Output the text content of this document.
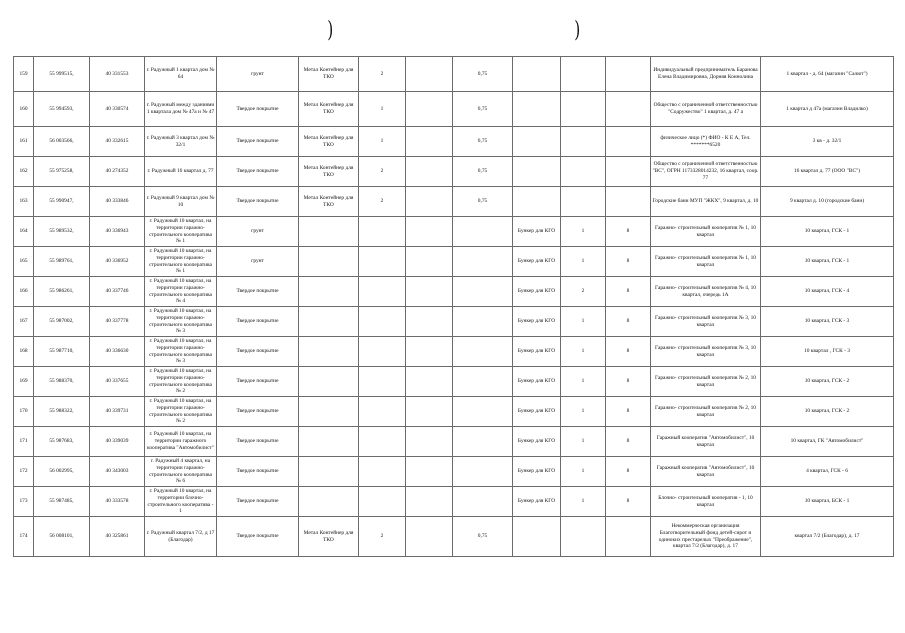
)	)
159	55 999515,	40 331553	г. Радужный 1 квартал дом № 64	грунт	Метал Контейнер для ТКО	2		0,75				Индивидуальный предприниматель Баранова Елена Владимировна, Дорняя Коннолина	1 квартал - д. 64 (магазин "Салют")
160	55 994593,	40 330574	г. Радужный между зданиями 1 квартала дом № 47а и № 47	Твердое покрытие	Метал Контейнер для ТКО	1		0,75				Общество с ограниченной ответственностью "Содружество" 1 квартал, д. 47 а	1 квартал д 47а (магазин Владилко)
161	56 003566,	40 332615	г. Радужный 3 квартал дом № 32/1	Твердое покрытие	Метал Контейнер для ТКО	1		0,75				физическое лицо (*) ФИО - К Е А, Тел. *******6520	3 кв - д. 32/1
162	55 975258,	40 274352	г. Радужный 16 квартал д. 77	Твердое покрытие	Метал Контейнер для ТКО	2		0,75				Общество с ограниченной ответственностью "ВС", ОГРН 1173328014232, 16 квартал, соор. 77	16 квартал д. 77 (ООО "ВС")
163	55 990947,	40 333846	г. Радужный 9 квартал дом № 10	Твердое покрытие	Метал Контейнер для ТКО	2		0,75				Городские бани МУП "ЖКХ", 9 квартал, д. 10	9 квартал д. 10 (городские бани)
164	55 989532,	40 336943	г. Радужный 10 квартал, на территории гаражно-строительного кооператива № 1	грунт					Бункер для КГО	1	8	Гаражно- строительный кооператив № 1, 10 квартал	10 квартал, ГСК - 1
165	55 989761,	40 336952	г. Радужный 10 квартал, на территории гаражно-строительного кооператива № 1	грунт					Бункер для КГО	1	8	Гаражно- строительный кооператив № 1, 10 квартал	10 квартал, ГСК - 1
166	55 986261,	40 337746	г. Радужный 10 квартал, на территории гаражно-строительного кооператива № 4	Твердое покрытие					Бункер для КГО	2	8	Гаражно- строительный кооператив № 4, 10 квартал, очередь 1А	10 квартал, ГСК - 4
167	55 987002,	40 337778	г. Радужный 10 квартал, на территории гаражно-строительного кооператива № 3	Твердое покрытие					Бункер для КГО	1	8	Гаражно- строительный кооператив № 3, 10 квартал	10 квартал, ГСК - 3
168	55 987710,	40 336630	г. Радужный 10 квартал, на территории гаражно-строительного кооператива № 3	Твердое покрытие					Бункер для КГО	1	8	Гаражно- строительный кооператив № 3, 10 квартал	10 квартал , ГСК - 3
169	55 988370,	40 337655	г. Радужный 10 квартал, на территории гаражно-строительного кооператива № 2	Твердое покрытие					Бункер для КГО	1	8	Гаражно- строительный кооператив № 2, 10 квартал	10 квартал, ГСК - 2
170	55 988322,	40 339731	г. Радужный 10 квартал, на территории гаражно-строительного кооператива № 2	Твердое покрытие					Бункер для КГО	1	8	Гаражно- строительный кооператив № 2, 10 квартал	10 квартал, ГСК - 2
171	55 987683,	40 339039	г. Радужный 10 квартал, на территории гаражного кооператива "Автомобилист"	Твердое покрытие					Бункер для КГО	1	8	Гаражный кооператив "Автомобилист", 10 квартал	10 квартал, ГК "Автомобилист"
172	56 002995,	40 343003	г. Радужный 4 квартал, на территории гаражно-строительного кооператива № 6	Твердое покрытие					Бункер для КГО	1	8	Гаражный кооператив "Автомобилист", 10 квартал	4 квартал, ГСК - 6
173	55 987485,	40 333578	г. Радужный 10 квартал, на территории блочно-строительного кооператива - 1	Твердое покрытие					Бункер для КГО	1	8	Блочно- строительный кооператив - 1, 10 квартал	10 квартал, БСК - 1
174	56 008101,	40 325861	г. Радужный квартал 7/2, д 17 (Благодар)	Твердое покрытие	Метал Контейнер для ТКО	2		0,75				Некоммерческая организация Благотворительный фонд детей-сирот и одиноких престарелых "Преображение", квартал 7/2 (Благодар), д. 17	квартал 7/2 (Благодар), д. 17
